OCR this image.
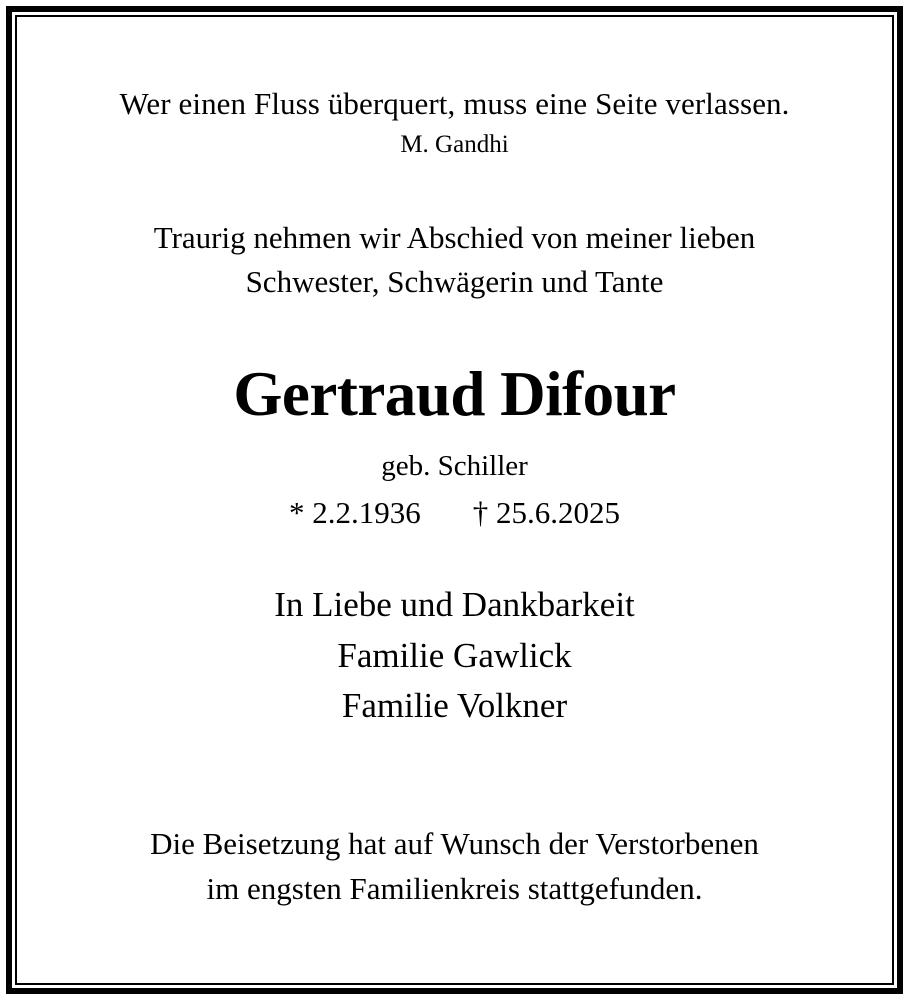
Wer einen Fluss überquert, muss eine Seite verlassen.
M. Gandhi
Traurig nehmen wir Abschied von meiner lieben
Schwester, Schwägerin und Tante
Gertraud Difour
geb. Schiller
* 2.2.1936 † 25.6.2025
In Liebe und Dankbarkeit
Familie Gawlick
Familie Volkner
Die Beisetzung hat auf Wunsch der Verstorbenen
im engsten Familienkreis stattgefunden.
